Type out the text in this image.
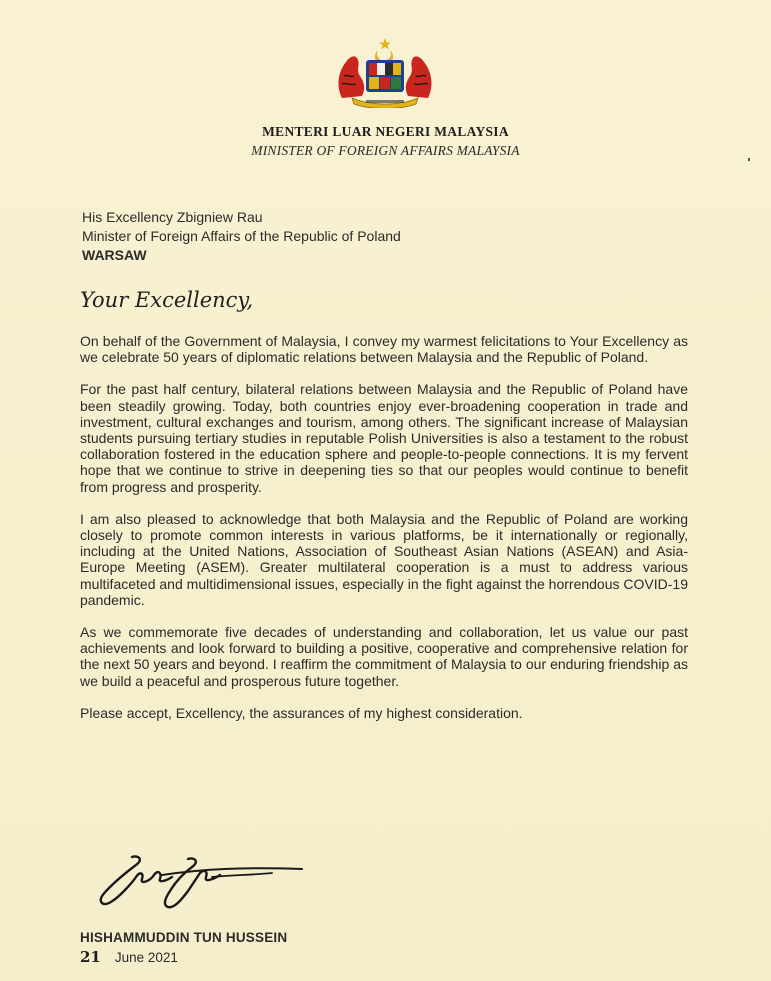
MENTERI LUAR NEGERI MALAYSIA
MINISTER OF FOREIGN AFFAIRS MALAYSIA
His Excellency Zbigniew Rau
Minister of Foreign Affairs of the Republic of Poland
WARSAW
Your Excellency,

On behalf of the Government of Malaysia, I convey my warmest felicitations to Your Excellency as we celebrate 50 years of diplomatic relations between Malaysia and the Republic of Poland.

For the past half century, bilateral relations between Malaysia and the Republic of Poland have been steadily growing. Today, both countries enjoy ever-broadening cooperation in trade and investment, cultural exchanges and tourism, among others. The significant increase of Malaysian students pursuing tertiary studies in reputable Polish Universities is also a testament to the robust collaboration fostered in the education sphere and people-to-people connections. It is my fervent hope that we continue to strive in deepening ties so that our peoples would continue to benefit from progress and prosperity.

I am also pleased to acknowledge that both Malaysia and the Republic of Poland are working closely to promote common interests in various platforms, be it internationally or regionally, including at the United Nations, Association of Southeast Asian Nations (ASEAN) and Asia-Europe Meeting (ASEM). Greater multilateral cooperation is a must to address various multifaceted and multidimensional issues, especially in the fight against the horrendous COVID-19 pandemic.

As we commemorate five decades of understanding and collaboration, let us value our past achievements and look forward to building a positive, cooperative and comprehensive relation for the next 50 years and beyond. I reaffirm the commitment of Malaysia to our enduring friendship as we build a peaceful and prosperous future together.

Please accept, Excellency, the assurances of my highest consideration.

HISHAMMUDDIN TUN HUSSEIN
21 June 2021
